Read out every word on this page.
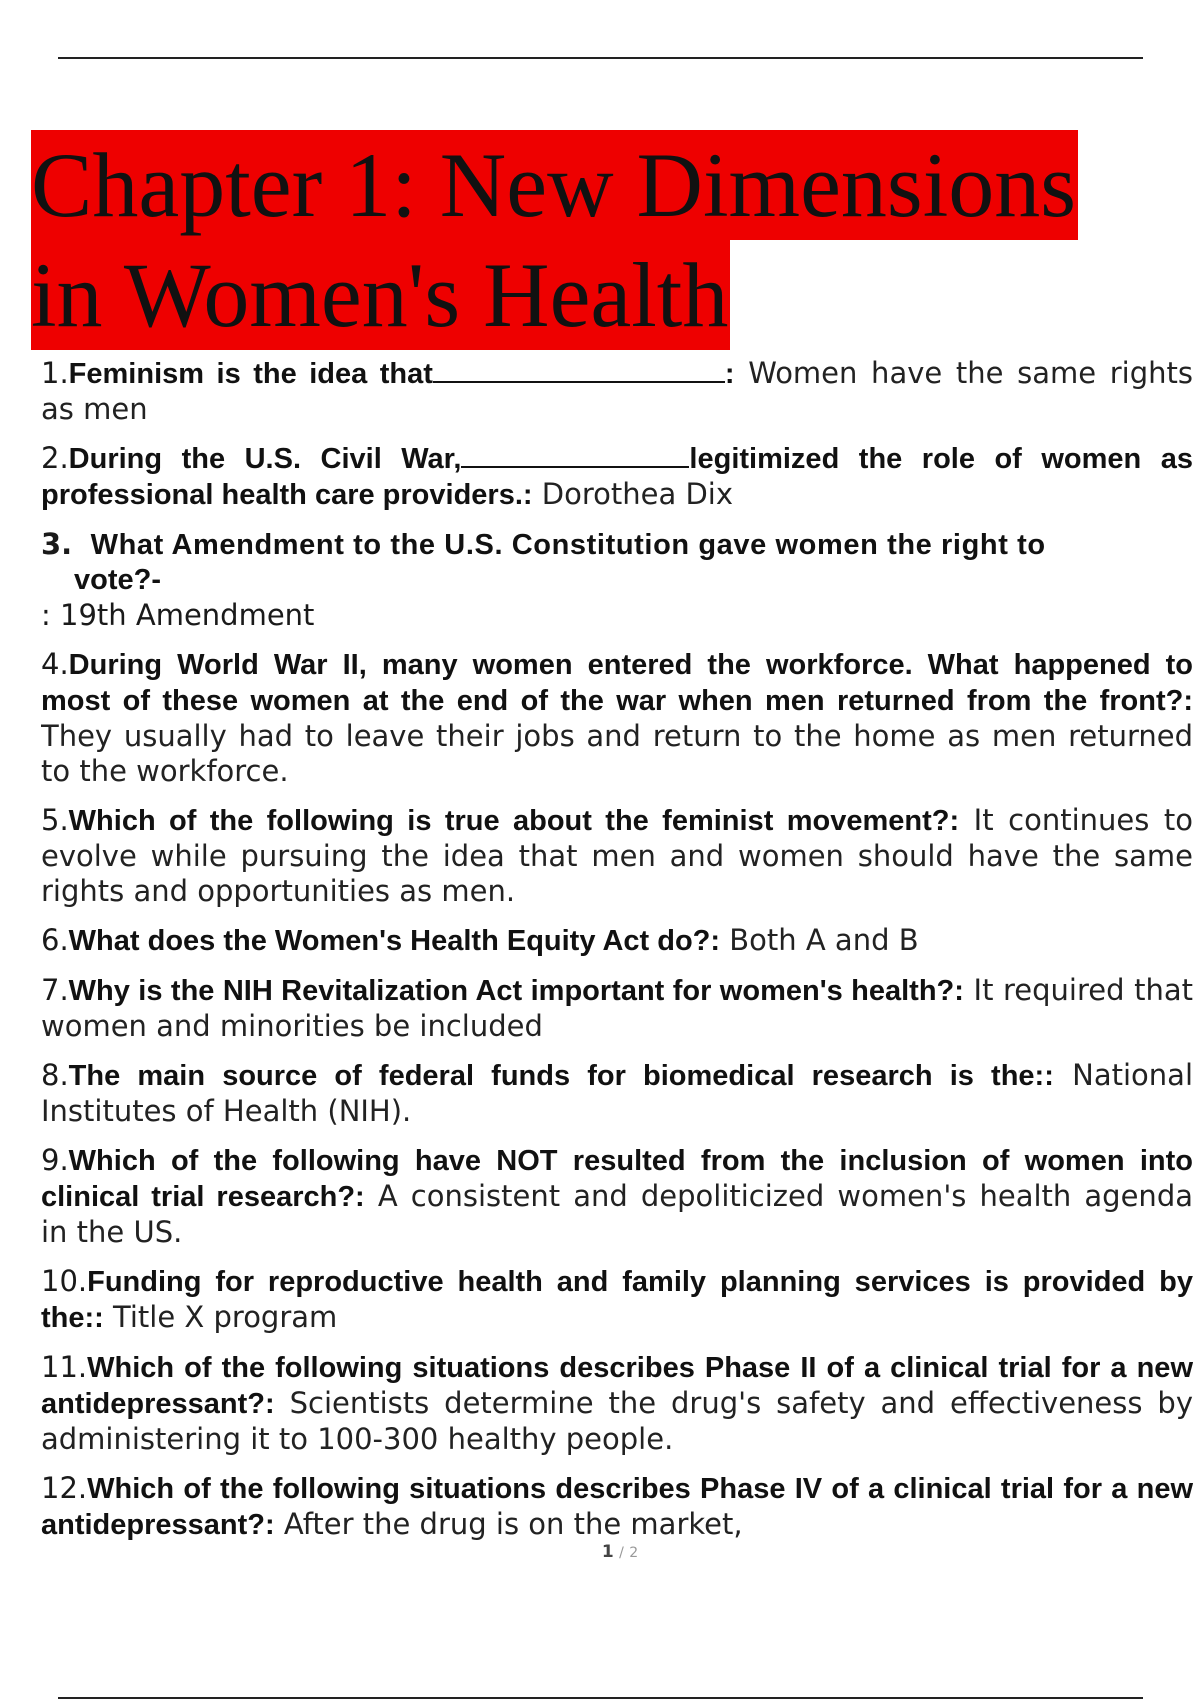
Chapter 1: New Dimensions
in Women's Health
1.Feminism is the idea that	: Women have the same rights as men
2.During the U.S. Civil War,	legitimized the role of women as professional health care providers.: Dorothea Dix
3. What Amendment to the U.S. Constitution gave women the right to
vote?-
: 19th Amendment
4.During World War II, many women entered the workforce. What happened to most of these women at the end of the war when men returned from the front?: They usually had to leave their jobs and return to the home as men returned to the workforce.
5.Which of the following is true about the feminist movement?: It continues to evolve while pursuing the idea that men and women should have the same rights and opportunities as men.
6.What does the Women's Health Equity Act do?: Both A and B
7.Why is the NIH Revitalization Act important for women's health?: It required that women and minorities be included
8.The main source of federal funds for biomedical research is the:: National Institutes of Health (NIH).
9.Which of the following have NOT resulted from the inclusion of women into clinical trial research?: A consistent and depoliticized women's health agenda in the US.
10.Funding for reproductive health and family planning services is provided by the:: Title X program
11.Which of the following situations describes Phase II of a clinical trial for a new antidepressant?: Scientists determine the drug's safety and effectiveness by administering it to 100-300 healthy people.
12.Which of the following situations describes Phase IV of a clinical trial for a new antidepressant?: After the drug is on the market,
1 / 2
